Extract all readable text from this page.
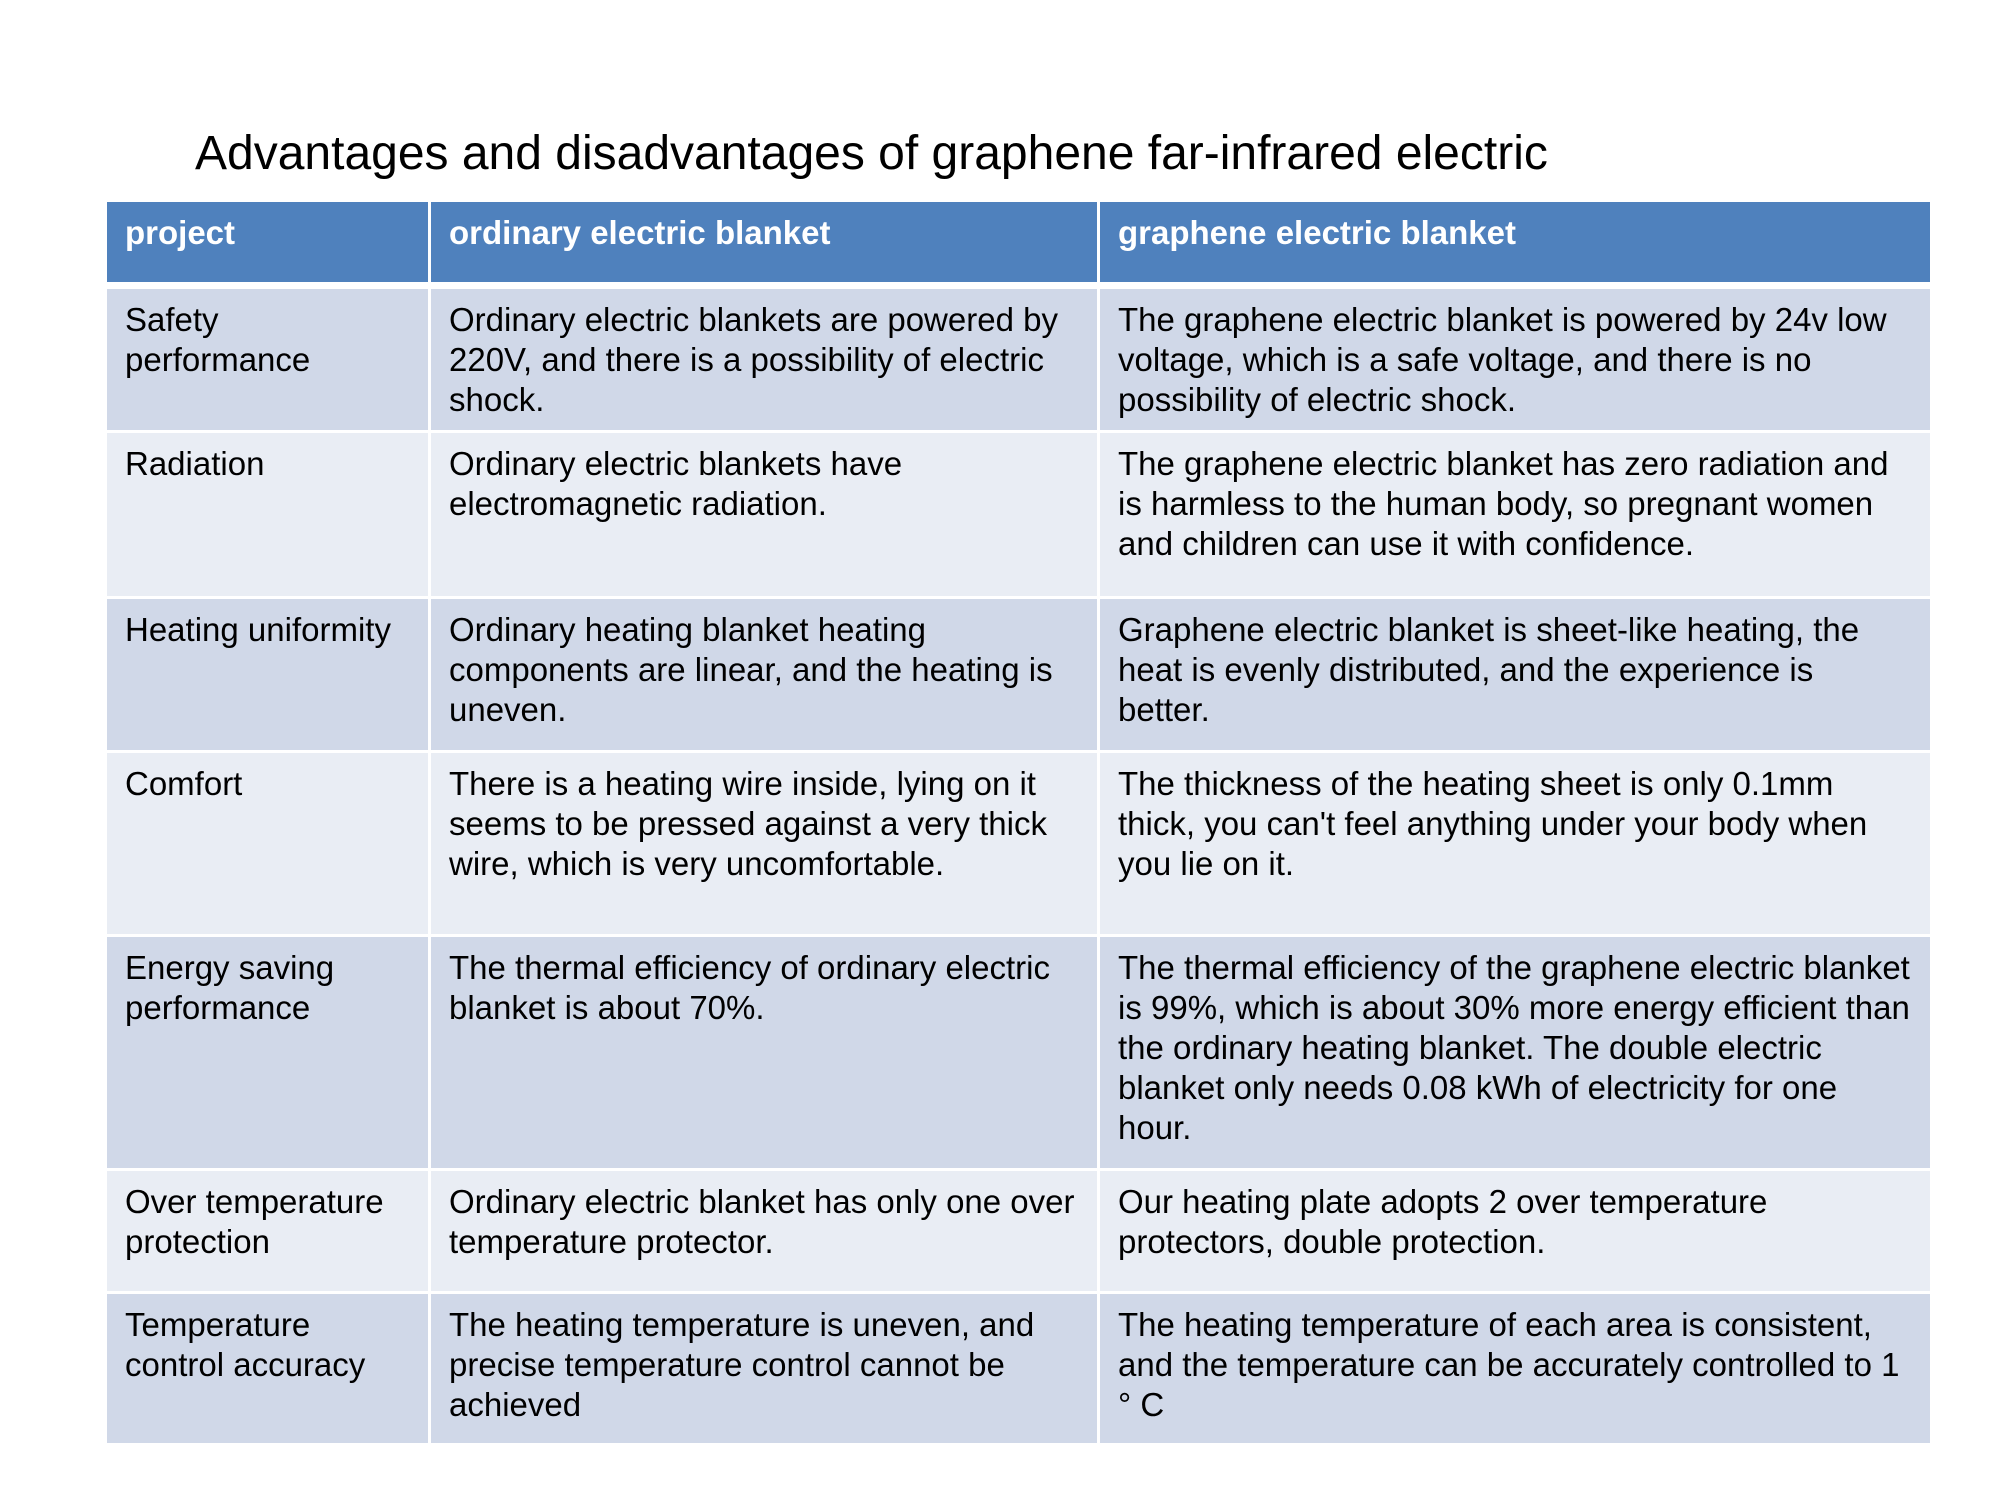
Advantages and disadvantages of graphene far-infrared electric
project	ordinary electric blanket	graphene electric blanket
Safety performance	Ordinary electric blankets are powered by 220V, and there is a possibility of electric shock.	The graphene electric blanket is powered by 24v low voltage, which is a safe voltage, and there is no possibility of electric shock.
Radiation	Ordinary electric blankets have electromagnetic radiation.	The graphene electric blanket has zero radiation and is harmless to the human body, so pregnant women and children can use it with confidence.
Heating uniformity	Ordinary heating blanket heating components are linear, and the heating is uneven.	Graphene electric blanket is sheet-like heating, the heat is evenly distributed, and the experience is better.
Comfort	There is a heating wire inside, lying on it seems to be pressed against a very thick wire, which is very uncomfortable.	The thickness of the heating sheet is only 0.1mm thick, you can't feel anything under your body when you lie on it.
Energy saving performance	The thermal efficiency of ordinary electric blanket is about 70%.	The thermal efficiency of the graphene electric blanket is 99%, which is about 30% more energy efficient than the ordinary heating blanket. The double electric blanket only needs 0.08 kWh of electricity for one hour.
Over temperature protection	Ordinary electric blanket has only one over temperature protector.	Our heating plate adopts 2 over temperature protectors, double protection.
Temperature control accuracy	The heating temperature is uneven, and precise temperature control cannot be achieved	The heating temperature of each area is consistent, and the temperature can be accurately controlled to 1 ° C
